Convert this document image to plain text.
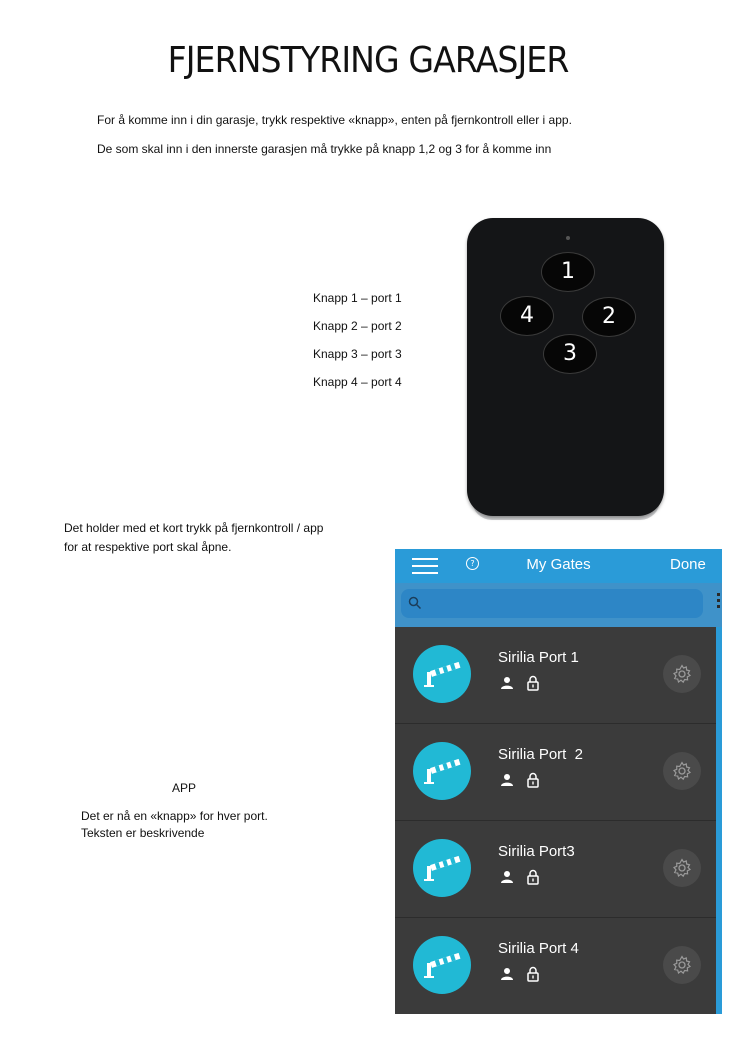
FJERNSTYRING GARASJER
For å komme inn i din garasje, trykk respektive «knapp», enten på fjernkontroll eller i app.
De som skal inn i den innerste garasjen må trykke på knapp 1,2 og 3 for å komme inn
Knapp 1 – port 1
Knapp 2 – port 2
Knapp 3 – port 3
Knapp 4 – port 4
1
2
3
4
Det holder med et kort trykk på fjernkontroll / app
for at respektive port skal åpne.
APP
Det er nå en «knapp» for hver port.
Teksten er beskrivende
?	My Gates	Done
Sirilia Port 1
Sirilia Port  2
Sirilia Port3
Sirilia Port 4
